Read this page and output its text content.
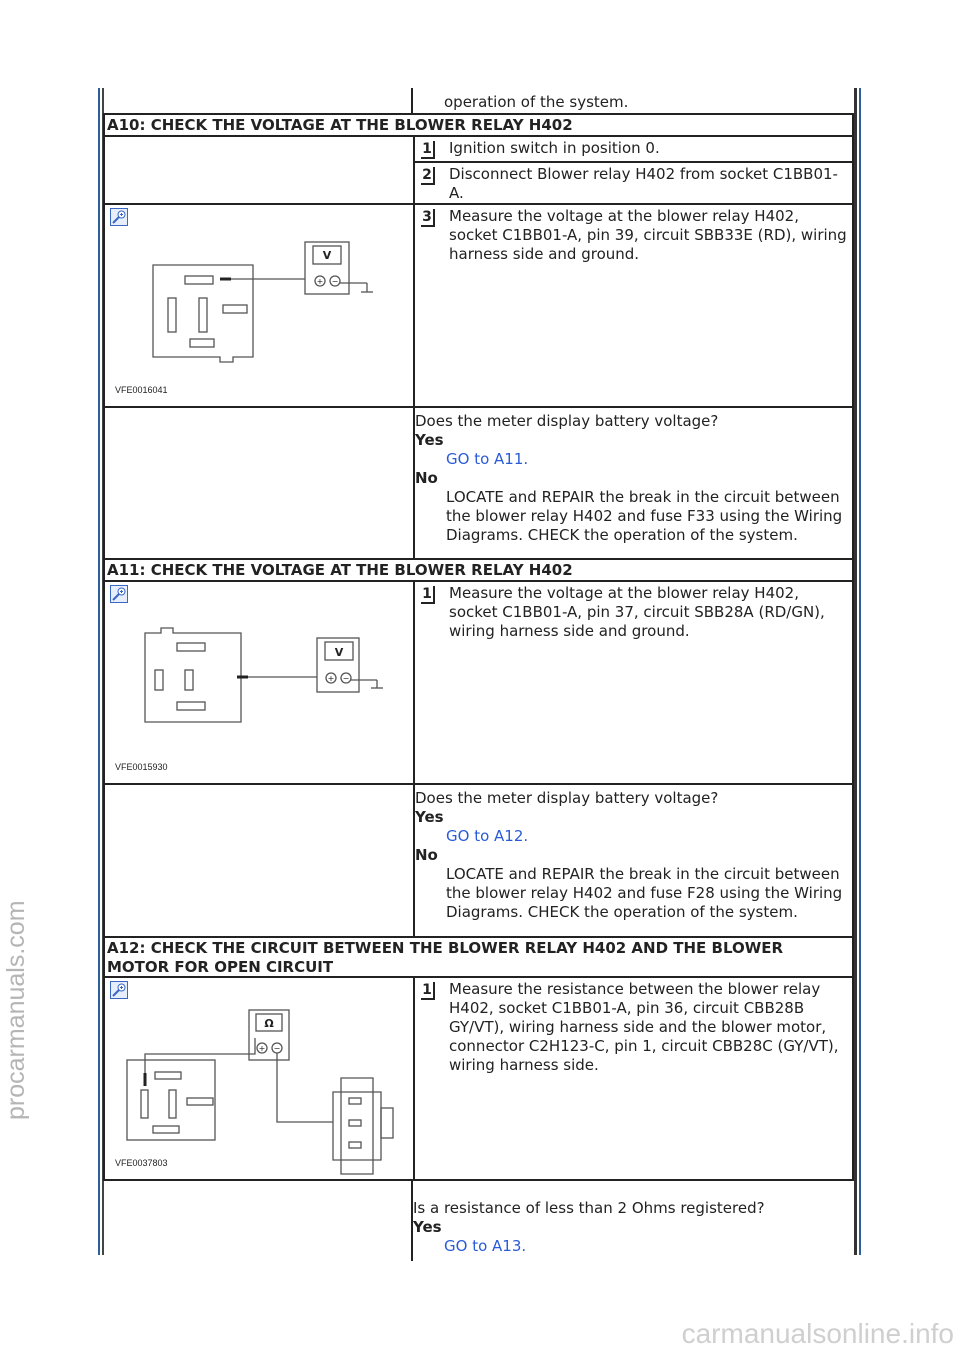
procarmanuals.com
carmanualsonline.info
operation of the system.
A10: CHECK THE VOLTAGE AT THE BLOWER RELAY H402
1 Ignition switch in position 0.
2 Disconnect Blower relay H402 from socket C1BB01-A.
V
+ −
VFE0016041
3 Measure the voltage at the blower relay H402, socket C1BB01-A, pin 39, circuit SBB33E (RD), wiring harness side and ground.
Does the meter display battery voltage?
Yes
GO to A11.
No
LOCATE and REPAIR the break in the circuit between the blower relay H402 and fuse F33 using the Wiring Diagrams. CHECK the operation of the system.
A11: CHECK THE VOLTAGE AT THE BLOWER RELAY H402
V
+ −
VFE0015930
1 Measure the voltage at the blower relay H402, socket C1BB01-A, pin 37, circuit SBB28A (RD/GN), wiring harness side and ground.
Does the meter display battery voltage?
Yes
GO to A12.
No
LOCATE and REPAIR the break in the circuit between the blower relay H402 and fuse F28 using the Wiring Diagrams. CHECK the operation of the system.
A12: CHECK THE CIRCUIT BETWEEN THE BLOWER RELAY H402 AND THE BLOWER MOTOR FOR OPEN CIRCUIT
Ω
+ −
VFE0037803
1 Measure the resistance between the blower relay H402, socket C1BB01-A, pin 36, circuit CBB28B GY/VT), wiring harness side and the blower motor, connector C2H123-C, pin 1, circuit CBB28C (GY/VT), wiring harness side.
Is a resistance of less than 2 Ohms registered?
Yes
GO to A13.
